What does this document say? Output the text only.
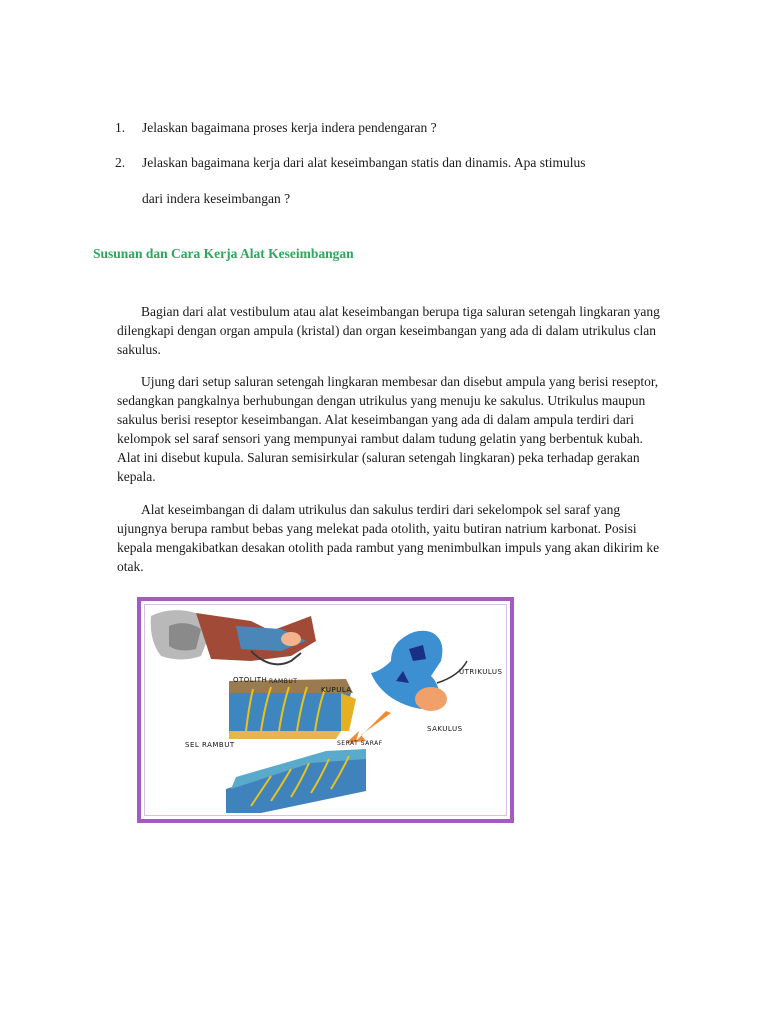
1. Jelaskan bagaimana proses kerja indera pendengaran ?
2. Jelaskan bagaimana kerja dari alat keseimbangan statis dan dinamis. Apa stimulus
dari indera keseimbangan ?
Susunan dan Cara Kerja Alat Keseimbangan

Bagian dari alat vestibulum atau alat keseimbangan berupa tiga saluran setengah lingkaran yang dilengkapi dengan organ ampula (kristal) dan organ keseimbangan yang ada di dalam utrikulus clan sakulus.

Ujung dari setup saluran setengah lingkaran membesar dan disebut ampula yang berisi reseptor, sedangkan pangkalnya berhubungan dengan utrikulus yang menuju ke sakulus. Utrikulus maupun sakulus berisi reseptor keseimbangan. Alat keseimbangan yang ada di dalam ampula terdiri dari kelompok sel saraf sensori yang mempunyai rambut dalam tudung gelatin yang berbentuk kubah. Alat ini disebut kupula. Saluran semisirkular (saluran setengah lingkaran) peka terhadap gerakan kepala.

Alat keseimbangan di dalam utrikulus dan sakulus terdiri dari sekelompok sel saraf yang ujungnya berupa rambut bebas yang melekat pada otolith, yaitu butiran natrium karbonat. Posisi kepala mengakibatkan desakan otolith pada rambut yang menimbulkan impuls yang akan dikirim ke otak.

OTOLITH RAMBUT
KUPULA
UTRIKULUS
SAKULUS
SEL RAMBUT	SERAT SARAF
